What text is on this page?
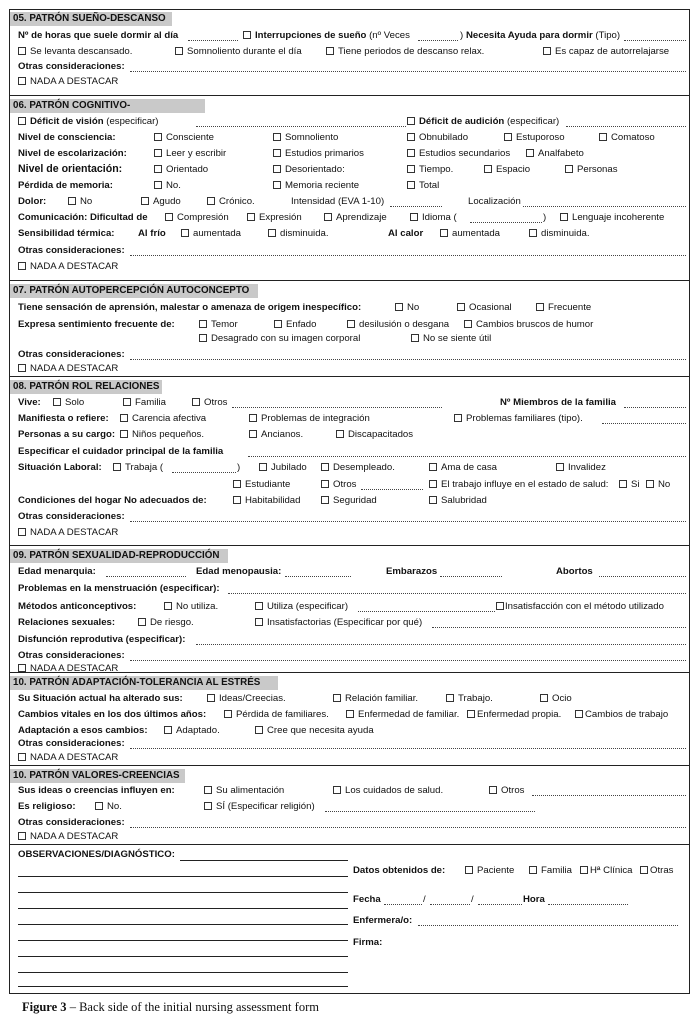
05. PATRÓN SUEÑO-DESCANSO
Nº de horas que suele dormir al día	Interrupciones de sueño (nº Veces	) Necesita Ayuda para dormir (Tipo)
Se levanta descansado.	Somnoliento durante el día	Tiene periodos de descanso relax.	Es capaz de autorrelajarse
Otras consideraciones:
NADA A DESTACAR
06. PATRÓN COGNITIVO-
Déficit de visión (especificar)	Déficit de audición (especificar)
Nivel de consciencia:	Consciente	Somnoliento	Obnubilado	Estuporoso	Comatoso
Nivel de escolarización:	Leer y escribir	Estudios primarios	Estudios secundarios	Analfabeto
Nivel de orientación:	Orientado	Desorientado:	Tiempo.	Espacio	Personas
Pérdida de memoria:	No.	Memoria reciente	Total
Dolor:	No	Agudo	Crónico.	Intensidad (EVA 1-10)	Localización
Comunicación: Dificultad de	Compresión	Expresión	Aprendizaje	Idioma (	)	Lenguaje incoherente
Sensibilidad térmica: Al frío	aumentada	disminuida.	Al calor	aumentada	disminuida.
Otras consideraciones:
NADA A DESTACAR
07. PATRÓN AUTOPERCEPCIÓN AUTOCONCEPTO
Tiene sensación de aprensión, malestar o amenaza de origem inespecífico:	No	Ocasional	Frecuente
Expresa sentimiento frecuente de:	Temor	Enfado	desilusión o desgana	Cambios bruscos de humor
Desagrado con su imagen corporal	No se siente útil
Otras consideraciones:
NADA A DESTACAR
08. PATRÓN ROL RELACIONES
Vive:	Solo	Familia	Otros	Nº Miembros de la familia
Manifiesta o refiere:	Carencia afectiva	Problemas de integración	Problemas familiares (tipo).
Personas a su cargo:	Niños pequeños.	Ancianos.	Discapacitados
Especificar el cuidador principal de la familia
Situación Laboral:	Trabaja (	)	Jubilado	Desempleado.	Ama de casa	Invalidez
Estudiante	Otros	El trabajo influye en el estado de salud:	Si	No
Condiciones del hogar No adecuados de:	Habitabilidad	Seguridad	Salubridad
Otras consideraciones:
NADA A DESTACAR
09. PATRÓN SEXUALIDAD-REPRODUCCIÓN
Edad menarquia:	Edad menopausia:	Embarazos	Abortos
Problemas en la menstruación (especificar):
Métodos anticonceptivos:	No utiliza.	Utiliza (especificar)	Insatisfacción con el método utilizado
Relaciones sexuales:	De riesgo.	Insatisfactorias (Especificar por qué)
Disfunción reprodutiva (especificar):
Otras consideraciones:
NADA A DESTACAR
10. PATRÓN ADAPTACIÓN-TOLERANCIA AL ESTRÉS
Su Situación actual ha alterado sus:	Ideas/Creecias.	Relación familiar.	Trabajo.	Ocio
Cambios vitales en los dos últimos años:	Pérdida de familiares.	Enfermedad de familiar.	Enfermedad propia.	Cambios de trabajo
Adaptación a esos cambios:	Adaptado.	Cree que necesita ayuda
Otras consideraciones:
NADA A DESTACAR
10. PATRÓN VALORES-CREENCIAS
Sus ideas o creencias influyen en:	Su alimentación	Los cuidados de salud.	Otros
Es religioso:	No.	SÍ (Especificar religión)
Otras consideraciones:
NADA A DESTACAR
OBSERVACIONES/DIAGNÓSTICO:
Datos obtenidos de:	Paciente	Familia	Hª Clínica	Otras
Fecha	/	/	Hora
Enfermera/o:
Firma:
Figure 3 – Back side of the initial nursing assessment form
